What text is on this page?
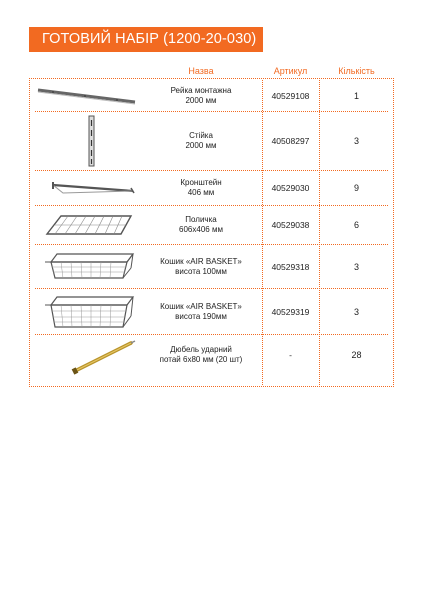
ГОТОВИЙ НАБІР (1200-20-030)
Назва	Артикул	Кількість
Рейка монтажна
2000 мм	40529108	1
Стійка
2000 мм	40508297	3
Кронштейн
406 мм	40529030	9
Поличка
606x406 мм	40529038	6
Кошик «AIR BASKET»
висота 100мм	40529318	3
Кошик «AIR BASKET»
висота 190мм	40529319	3
Дюбель ударний
потай 6x80 мм (20 шт)	-	28
